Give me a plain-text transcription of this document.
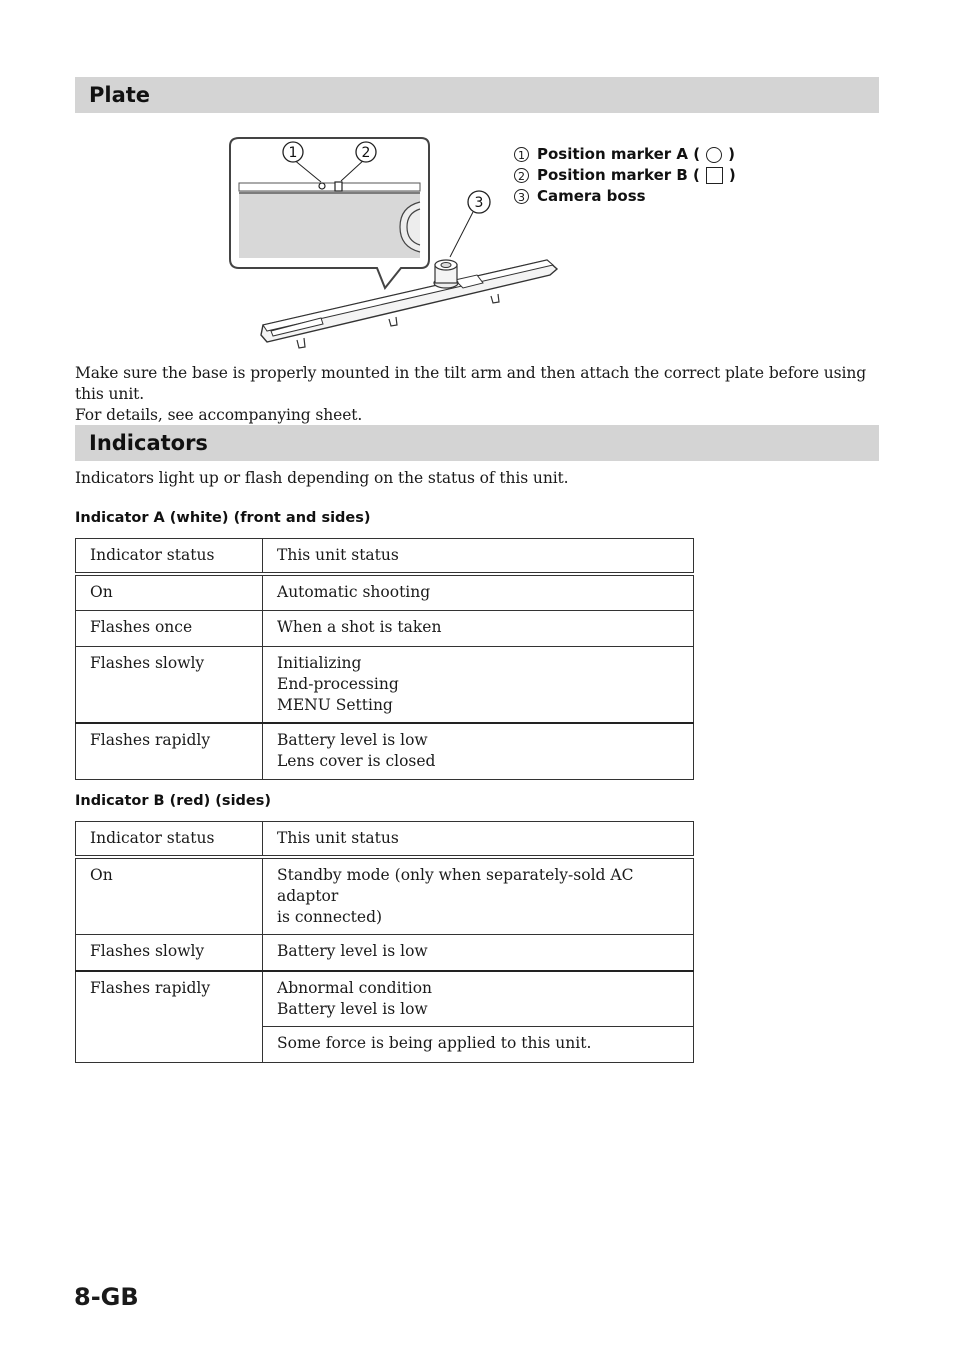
Plate
1	2
3
1 Position marker A ( )
2 Position marker B ( )
3 Camera boss
Make sure the base is properly mounted in the tilt arm and then attach the correct plate before using this unit.
For details, see accompanying sheet.
Indicators
Indicators light up or flash depending on the status of this unit.
Indicator A (white) (front and sides)
Indicator status	This unit status
On	Automatic shooting

Flashes once	When a shot is taken

Flashes slowly	Initializing
End-processing
MENU Setting

Flashes rapidly	Battery level is low
Lens cover is closed
Indicator B (red) (sides)
Indicator status	This unit status
On	Standby mode (only when separately-sold AC adaptor
is connected)

Flashes slowly	Battery level is low

Flashes rapidly	Abnormal condition
Battery level is low

	Some force is being applied to this unit.
8-GB
